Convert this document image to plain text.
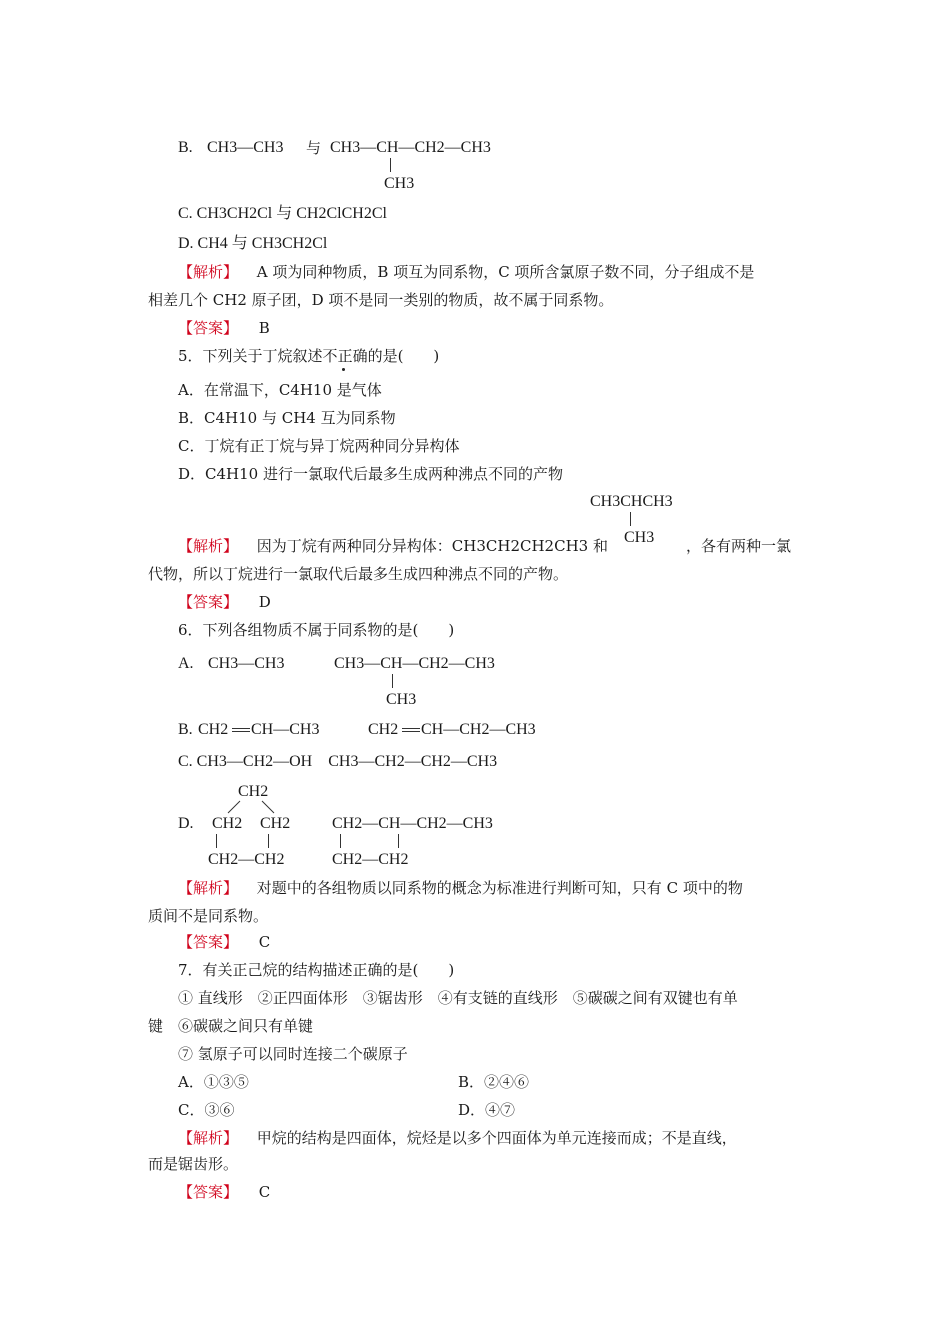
B. CH3—CH3 与 CH3—CH—CH2—CH3
CH3
C. CH3CH2Cl 与 CH2ClCH2Cl
D. CH4 与 CH3CH2Cl
【解析】 A 项为同种物质，B 项互为同系物，C 项所含氯原子数不同，分子组成不是
相差几个 CH2 原子团，D 项不是同一类别的物质，故不属于同系物。
【答案】 B
5．下列关于丁烷叙述不正确的是(　　)
A．在常温下，C4H10 是气体
B．C4H10 与 CH4 互为同系物
C．丁烷有正丁烷与异丁烷两种同分异构体
D．C4H10 进行一氯取代后最多生成两种沸点不同的产物
CH3CHCH3
CH3
【解析】 因为丁烷有两种同分异构体：CH3CH2CH2CH3 和	，各有两种一氯
代物，所以丁烷进行一氯取代后最多生成四种沸点不同的产物。
【答案】 D
6．下列各组物质不属于同系物的是(　　)
A. CH3—CH3	CH3—CH—CH2—CH3
CH3
B. CH2 CH—CH3	CH2 CH—CH2—CH3
C. CH3—CH2—OH　CH3—CH2—CH2—CH3
CH2
D. CH2 CH2
CH2—CH2
CH2—CH—CH2—CH3
CH2—CH2
【解析】 对题中的各组物质以同系物的概念为标准进行判断可知，只有 C 项中的物
质间不是同系物。
【答案】 C
7．有关正己烷的结构描述正确的是(　　)
① 直线形　②正四面体形　③锯齿形　④有支链的直线形　⑤碳碳之间有双键也有单
键　⑥碳碳之间只有单键
⑦ 氢原子可以同时连接二个碳原子
A．①③⑤	B．②④⑥
C．③⑥	D．④⑦
【解析】 甲烷的结构是四面体，烷烃是以多个四面体为单元连接而成；不是直线，
而是锯齿形。
【答案】 C
